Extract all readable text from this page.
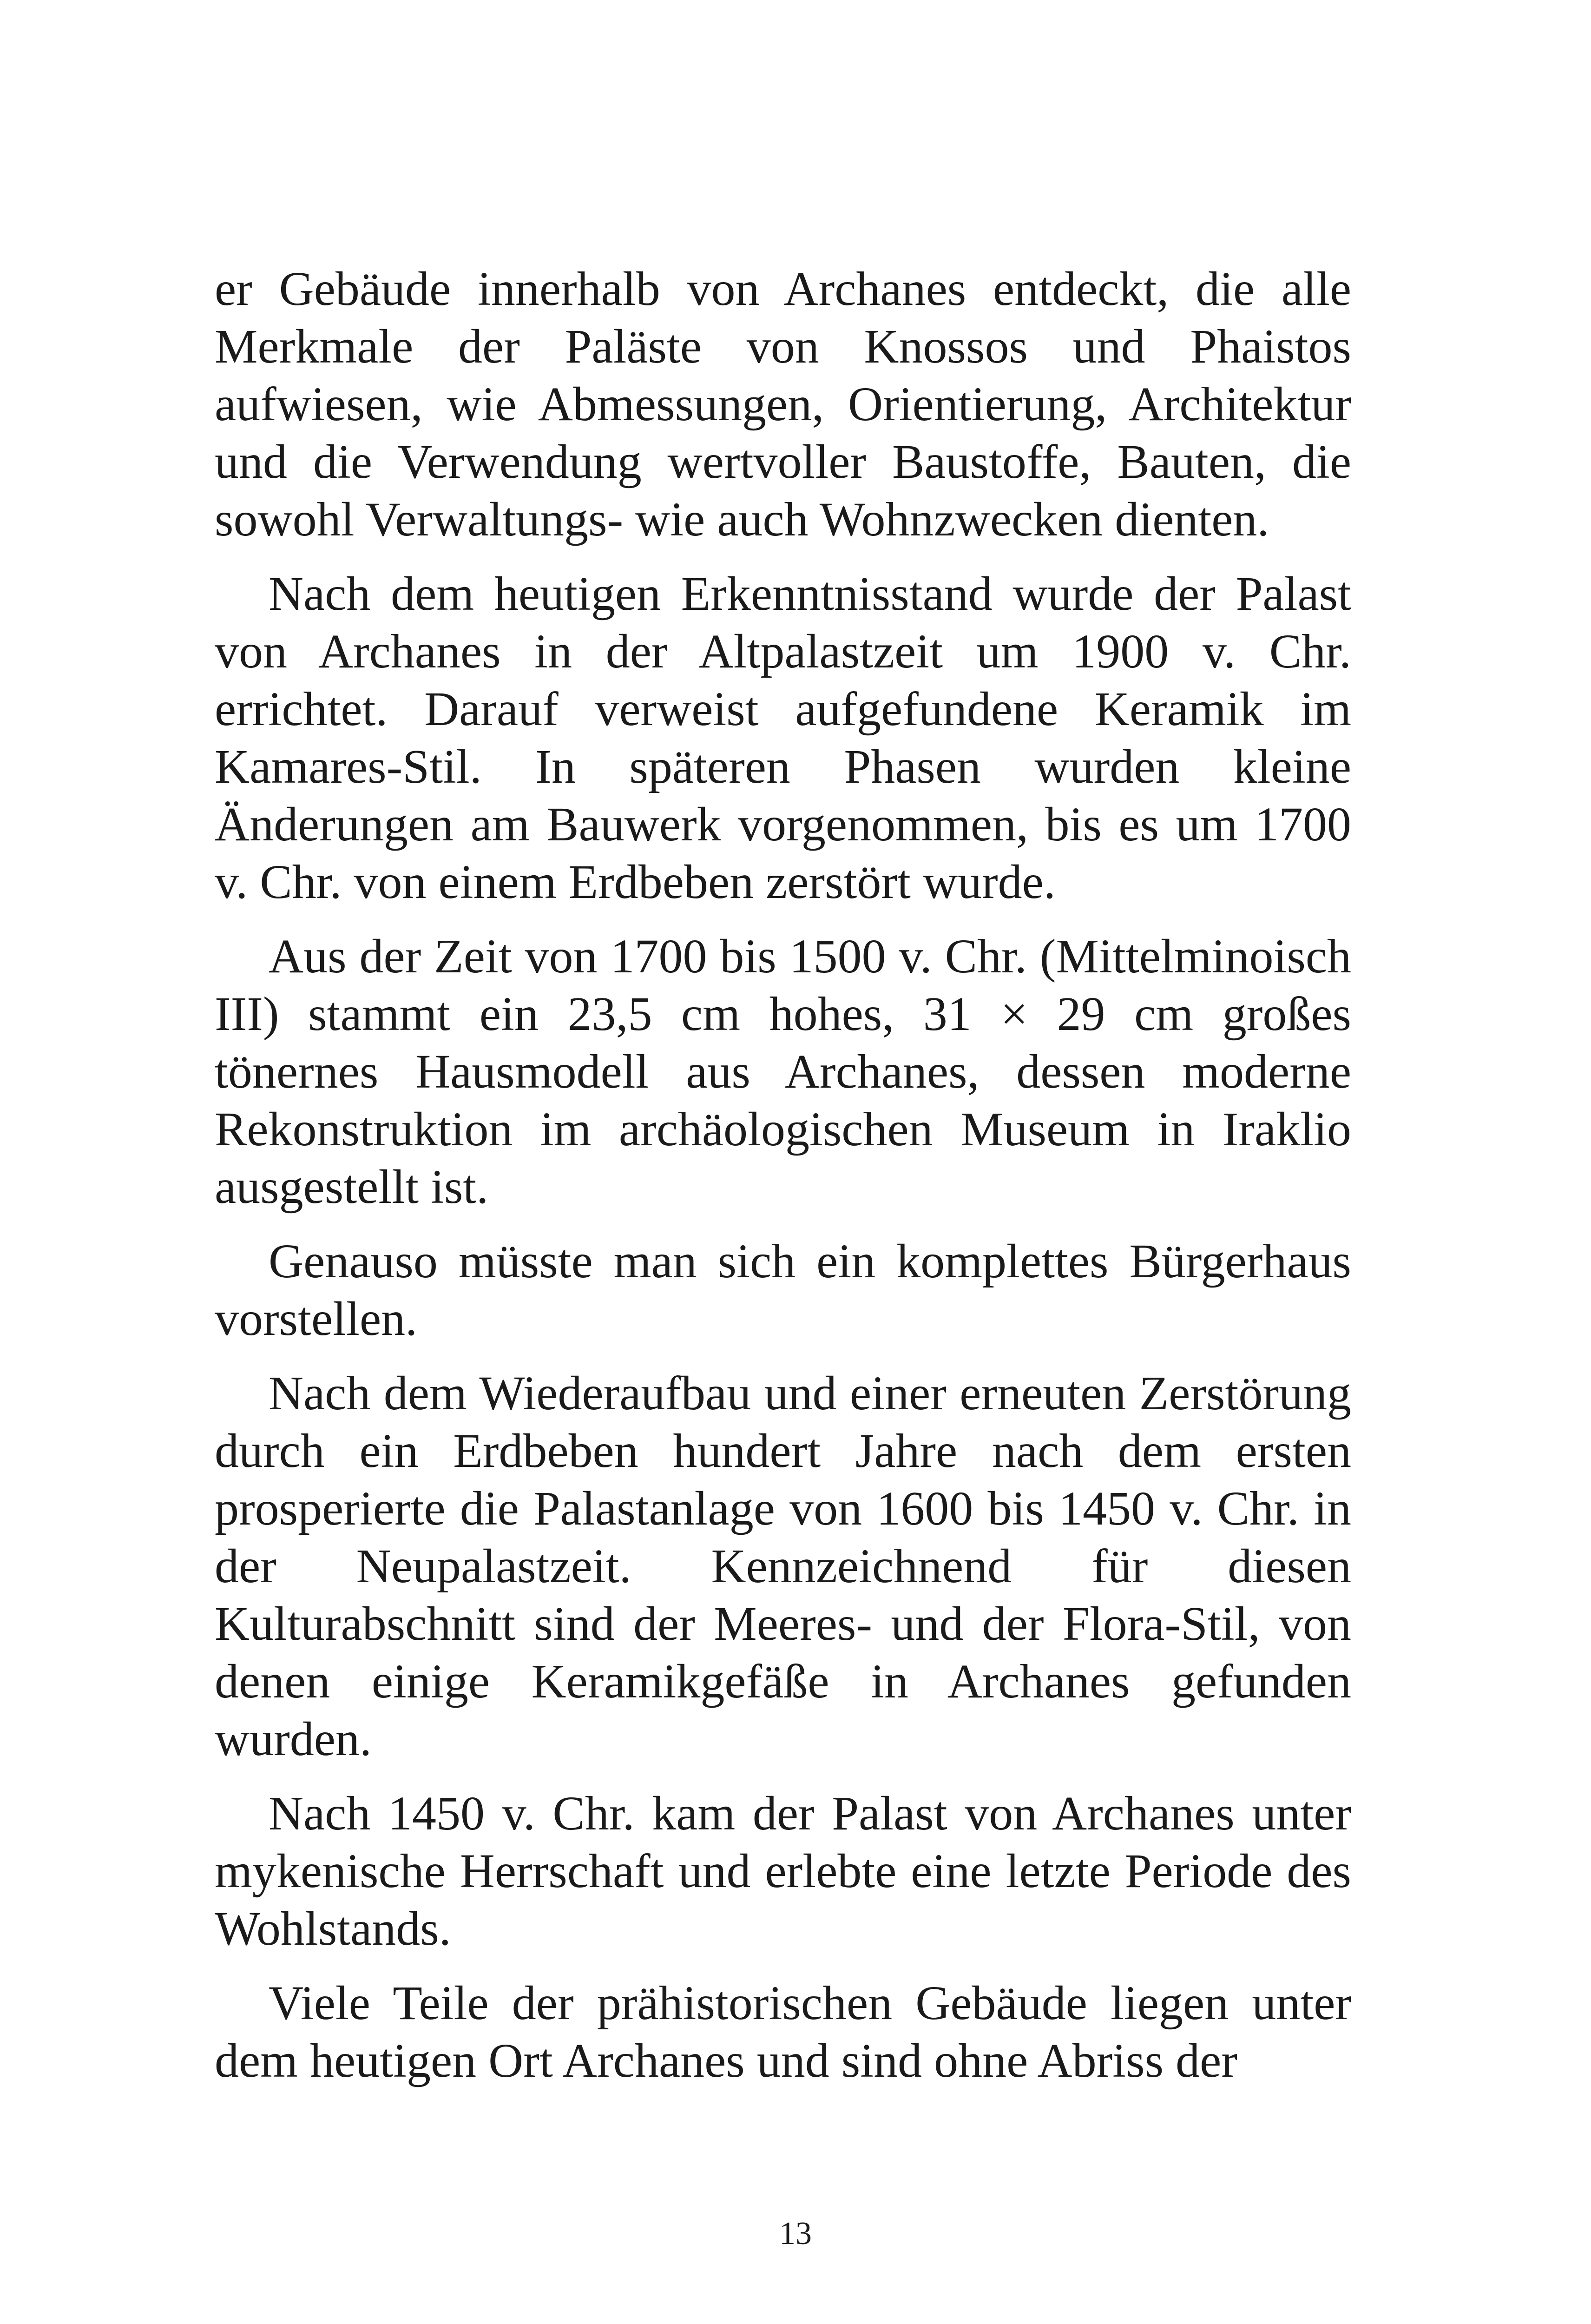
er Gebäude innerhalb von Archanes entdeckt, die alle Merkmale der Paläste von Knossos und Phaistos aufwiesen, wie Abmessungen, Orientierung, Architektur und die Verwendung wertvoller Baustoffe, Bauten, die sowohl Verwaltungs- wie auch Wohnzwecken dienten.

Nach dem heutigen Erkenntnisstand wurde der Palast von Archanes in der Altpalastzeit um 1900 v. Chr. errichtet. Darauf verweist aufgefundene Keramik im Kamares-Stil. In späteren Phasen wurden kleine Änderungen am Bauwerk vorgenommen, bis es um 1700 v. Chr. von einem Erdbeben zerstört wurde.

Aus der Zeit von 1700 bis 1500 v. Chr. (Mittelminoisch III) stammt ein 23,5 cm hohes, 31 × 29 cm großes tönernes Hausmodell aus Archanes, dessen moderne Rekonstruktion im archäologischen Museum in Iraklio ausgestellt ist.

Genauso müsste man sich ein komplettes Bürgerhaus vorstellen.

Nach dem Wiederaufbau und einer erneuten Zerstörung durch ein Erdbeben hundert Jahre nach dem ersten prosperierte die Palastanlage von 1600 bis 1450 v. Chr. in der Neupalastzeit. Kennzeichnend für diesen Kulturabschnitt sind der Meeres- und der Flora-Stil, von denen einige Keramikgefäße in Archanes gefunden wurden.

Nach 1450 v. Chr. kam der Palast von Archanes unter mykenische Herrschaft und erlebte eine letzte Periode des Wohlstands.

Viele Teile der prähistorischen Gebäude liegen unter dem heutigen Ort Archanes und sind ohne Abriss der

13
